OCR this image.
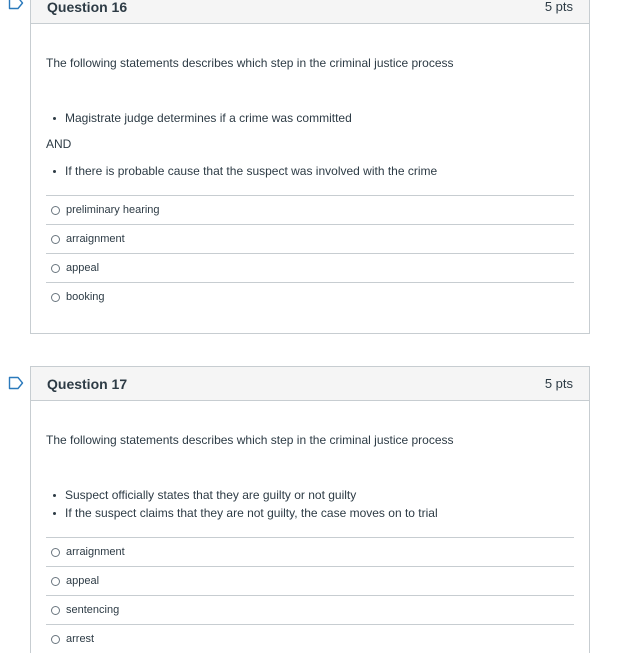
Question 16	5 pts

The following statements describes which step in the criminal justice process

Magistrate judge determines if a crime was committed

AND

If there is probable cause that the suspect was involved with the crime
preliminary hearing
arraignment
appeal
booking
Question 17	5 pts

The following statements describes which step in the criminal justice process

Suspect officially states that they are guilty or not guilty
If the suspect claims that they are not guilty, the case moves on to trial
arraignment
appeal
sentencing
arrest
